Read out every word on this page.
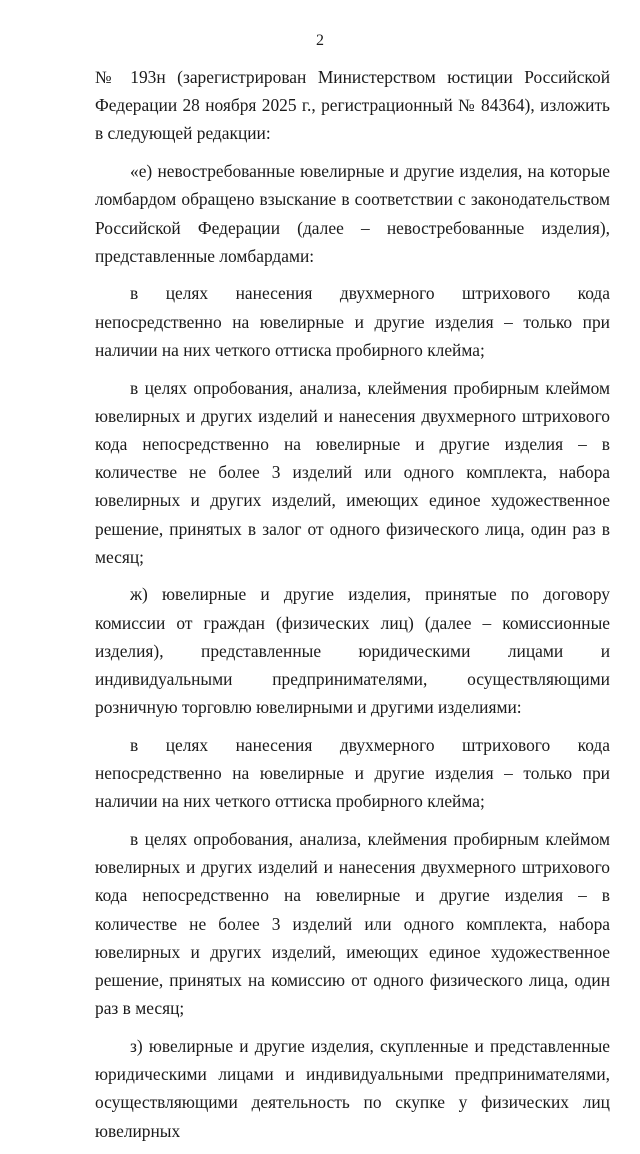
2

№ 193н (зарегистрирован Министерством юстиции Российской Федерации 28 ноября 2025 г., регистрационный № 84364), изложить в следующей редакции:

«е) невостребованные ювелирные и другие изделия, на которые ломбардом обращено взыскание в соответствии с законодательством Российской Федерации (далее – невостребованные изделия), представленные ломбардами:

в целях нанесения двухмерного штрихового кода непосредственно на ювелирные и другие изделия – только при наличии на них четкого оттиска пробирного клейма;

в целях опробования, анализа, клеймения пробирным клеймом ювелирных и других изделий и нанесения двухмерного штрихового кода непосредственно на ювелирные и другие изделия – в количестве не более 3 изделий или одного комплекта, набора ювелирных и других изделий, имеющих единое художественное решение, принятых в залог от одного физического лица, один раз в месяц;

ж) ювелирные и другие изделия, принятые по договору комиссии от граждан (физических лиц) (далее – комиссионные изделия), представленные юридическими лицами и индивидуальными предпринимателями, осуществляющими розничную торговлю ювелирными и другими изделиями:

в целях нанесения двухмерного штрихового кода непосредственно на ювелирные и другие изделия – только при наличии на них четкого оттиска пробирного клейма;

в целях опробования, анализа, клеймения пробирным клеймом ювелирных и других изделий и нанесения двухмерного штрихового кода непосредственно на ювелирные и другие изделия – в количестве не более 3 изделий или одного комплекта, набора ювелирных и других изделий, имеющих единое художественное решение, принятых на комиссию от одного физического лица, один раз в месяц;

з) ювелирные и другие изделия, скупленные и представленные юридическими лицами и индивидуальными предпринимателями, осуществляющими деятельность по скупке у физических лиц ювелирных
